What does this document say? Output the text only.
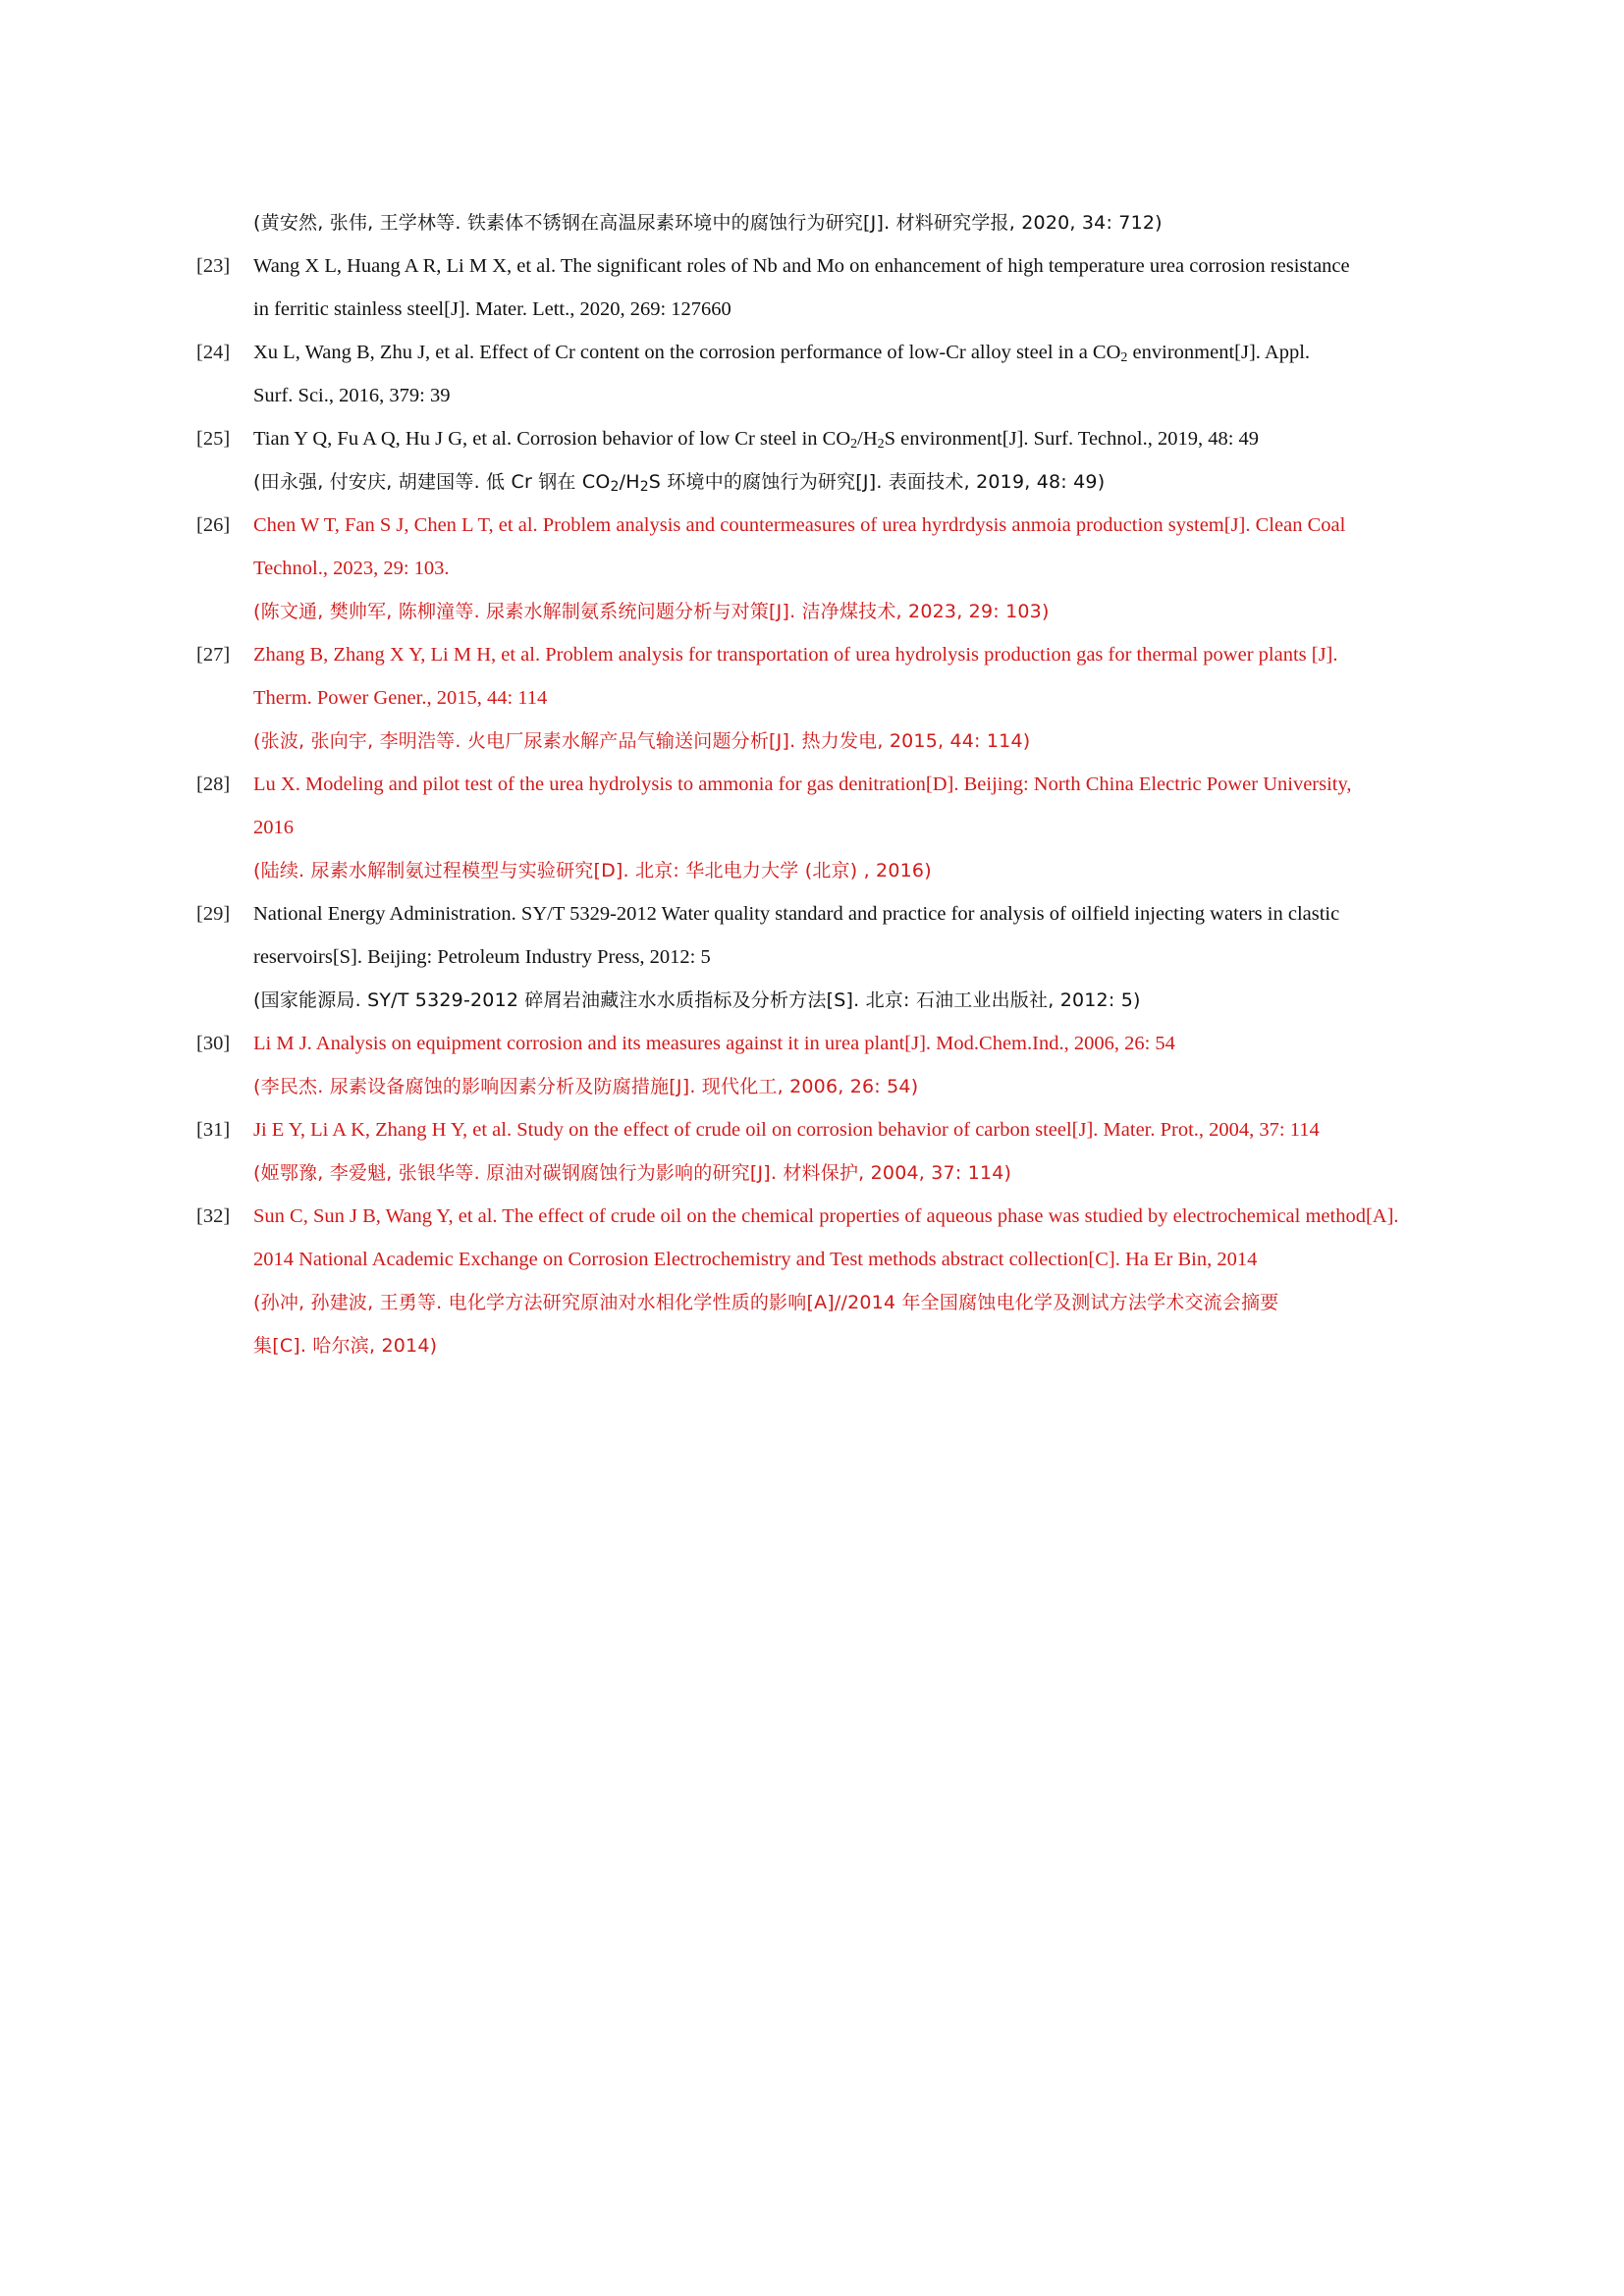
(黄安然, 张伟, 王学林等. 铁素体不锈钢在高温尿素环境中的腐蚀行为研究[J]. 材料研究学报, 2020, 34: 712)
[23] Wang X L, Huang A R, Li M X, et al. The significant roles of Nb and Mo on enhancement of high temperature urea corrosion resistance
in ferritic stainless steel[J]. Mater. Lett., 2020, 269: 127660
[24] Xu L, Wang B, Zhu J, et al. Effect of Cr content on the corrosion performance of low-Cr alloy steel in a $CO_2$ environment[J]. Appl.
Surf. Sci., 2016, 379: 39
[25] Tian Y Q, Fu A Q, Hu J G, et al. Corrosion behavior of low Cr steel in $CO_2/H_2S$ environment[J]. Surf. Technol., 2019, 48: 49
(田永强, 付安庆, 胡建国等. 低 Cr 钢在 $CO_2/H_2S$ 环境中的腐蚀行为研究[J]. 表面技术, 2019, 48: 49)
[26] Chen W T, Fan S J, Chen L T, et al. Problem analysis and countermeasures of urea hyrdrdysis anmoia production system[J]. Clean Coal
Technol., 2023, 29: 103.
(陈文通, 樊帅军, 陈柳潼等. 尿素水解制氨系统问题分析与对策[J]. 洁净煤技术, 2023, 29: 103)
[27] Zhang B, Zhang X Y, Li M H, et al. Problem analysis for transportation of urea hydrolysis production gas for thermal power plants [J].
Therm. Power Gener., 2015, 44: 114
(张波, 张向宇, 李明浩等. 火电厂尿素水解产品气输送问题分析[J]. 热力发电, 2015, 44: 114)
[28] Lu X. Modeling and pilot test of the urea hydrolysis to ammonia for gas denitration[D]. Beijing: North China Electric Power University,
2016
(陆续. 尿素水解制氨过程模型与实验研究[D]. 北京: 华北电力大学 (北京) , 2016)
[29] National Energy Administration. SY/T 5329-2012 Water quality standard and practice for analysis of oilfield injecting waters in clastic
reservoirs[S]. Beijing: Petroleum Industry Press, 2012: 5
(国家能源局. SY/T 5329-2012 碎屑岩油藏注水水质指标及分析方法[S]. 北京: 石油工业出版社, 2012: 5)
[30] Li M J. Analysis on equipment corrosion and its measures against it in urea plant[J]. Mod.Chem.Ind., 2006, 26: 54
(李民杰. 尿素设备腐蚀的影响因素分析及防腐措施[J]. 现代化工, 2006, 26: 54)
[31] Ji E Y, Li A K, Zhang H Y, et al. Study on the effect of crude oil on corrosion behavior of carbon steel[J]. Mater. Prot., 2004, 37: 114
(姬鄂豫, 李爱魁, 张银华等. 原油对碳钢腐蚀行为影响的研究[J]. 材料保护, 2004, 37: 114)
[32] Sun C, Sun J B, Wang Y, et al. The effect of crude oil on the chemical properties of aqueous phase was studied by electrochemical method[A].
2014 National Academic Exchange on Corrosion Electrochemistry and Test methods abstract collection[C]. Ha Er Bin, 2014
(孙冲, 孙建波, 王勇等. 电化学方法研究原油对水相化学性质的影响[A]//2014 年全国腐蚀电化学及测试方法学术交流会摘要
集[C]. 哈尔滨, 2014)
